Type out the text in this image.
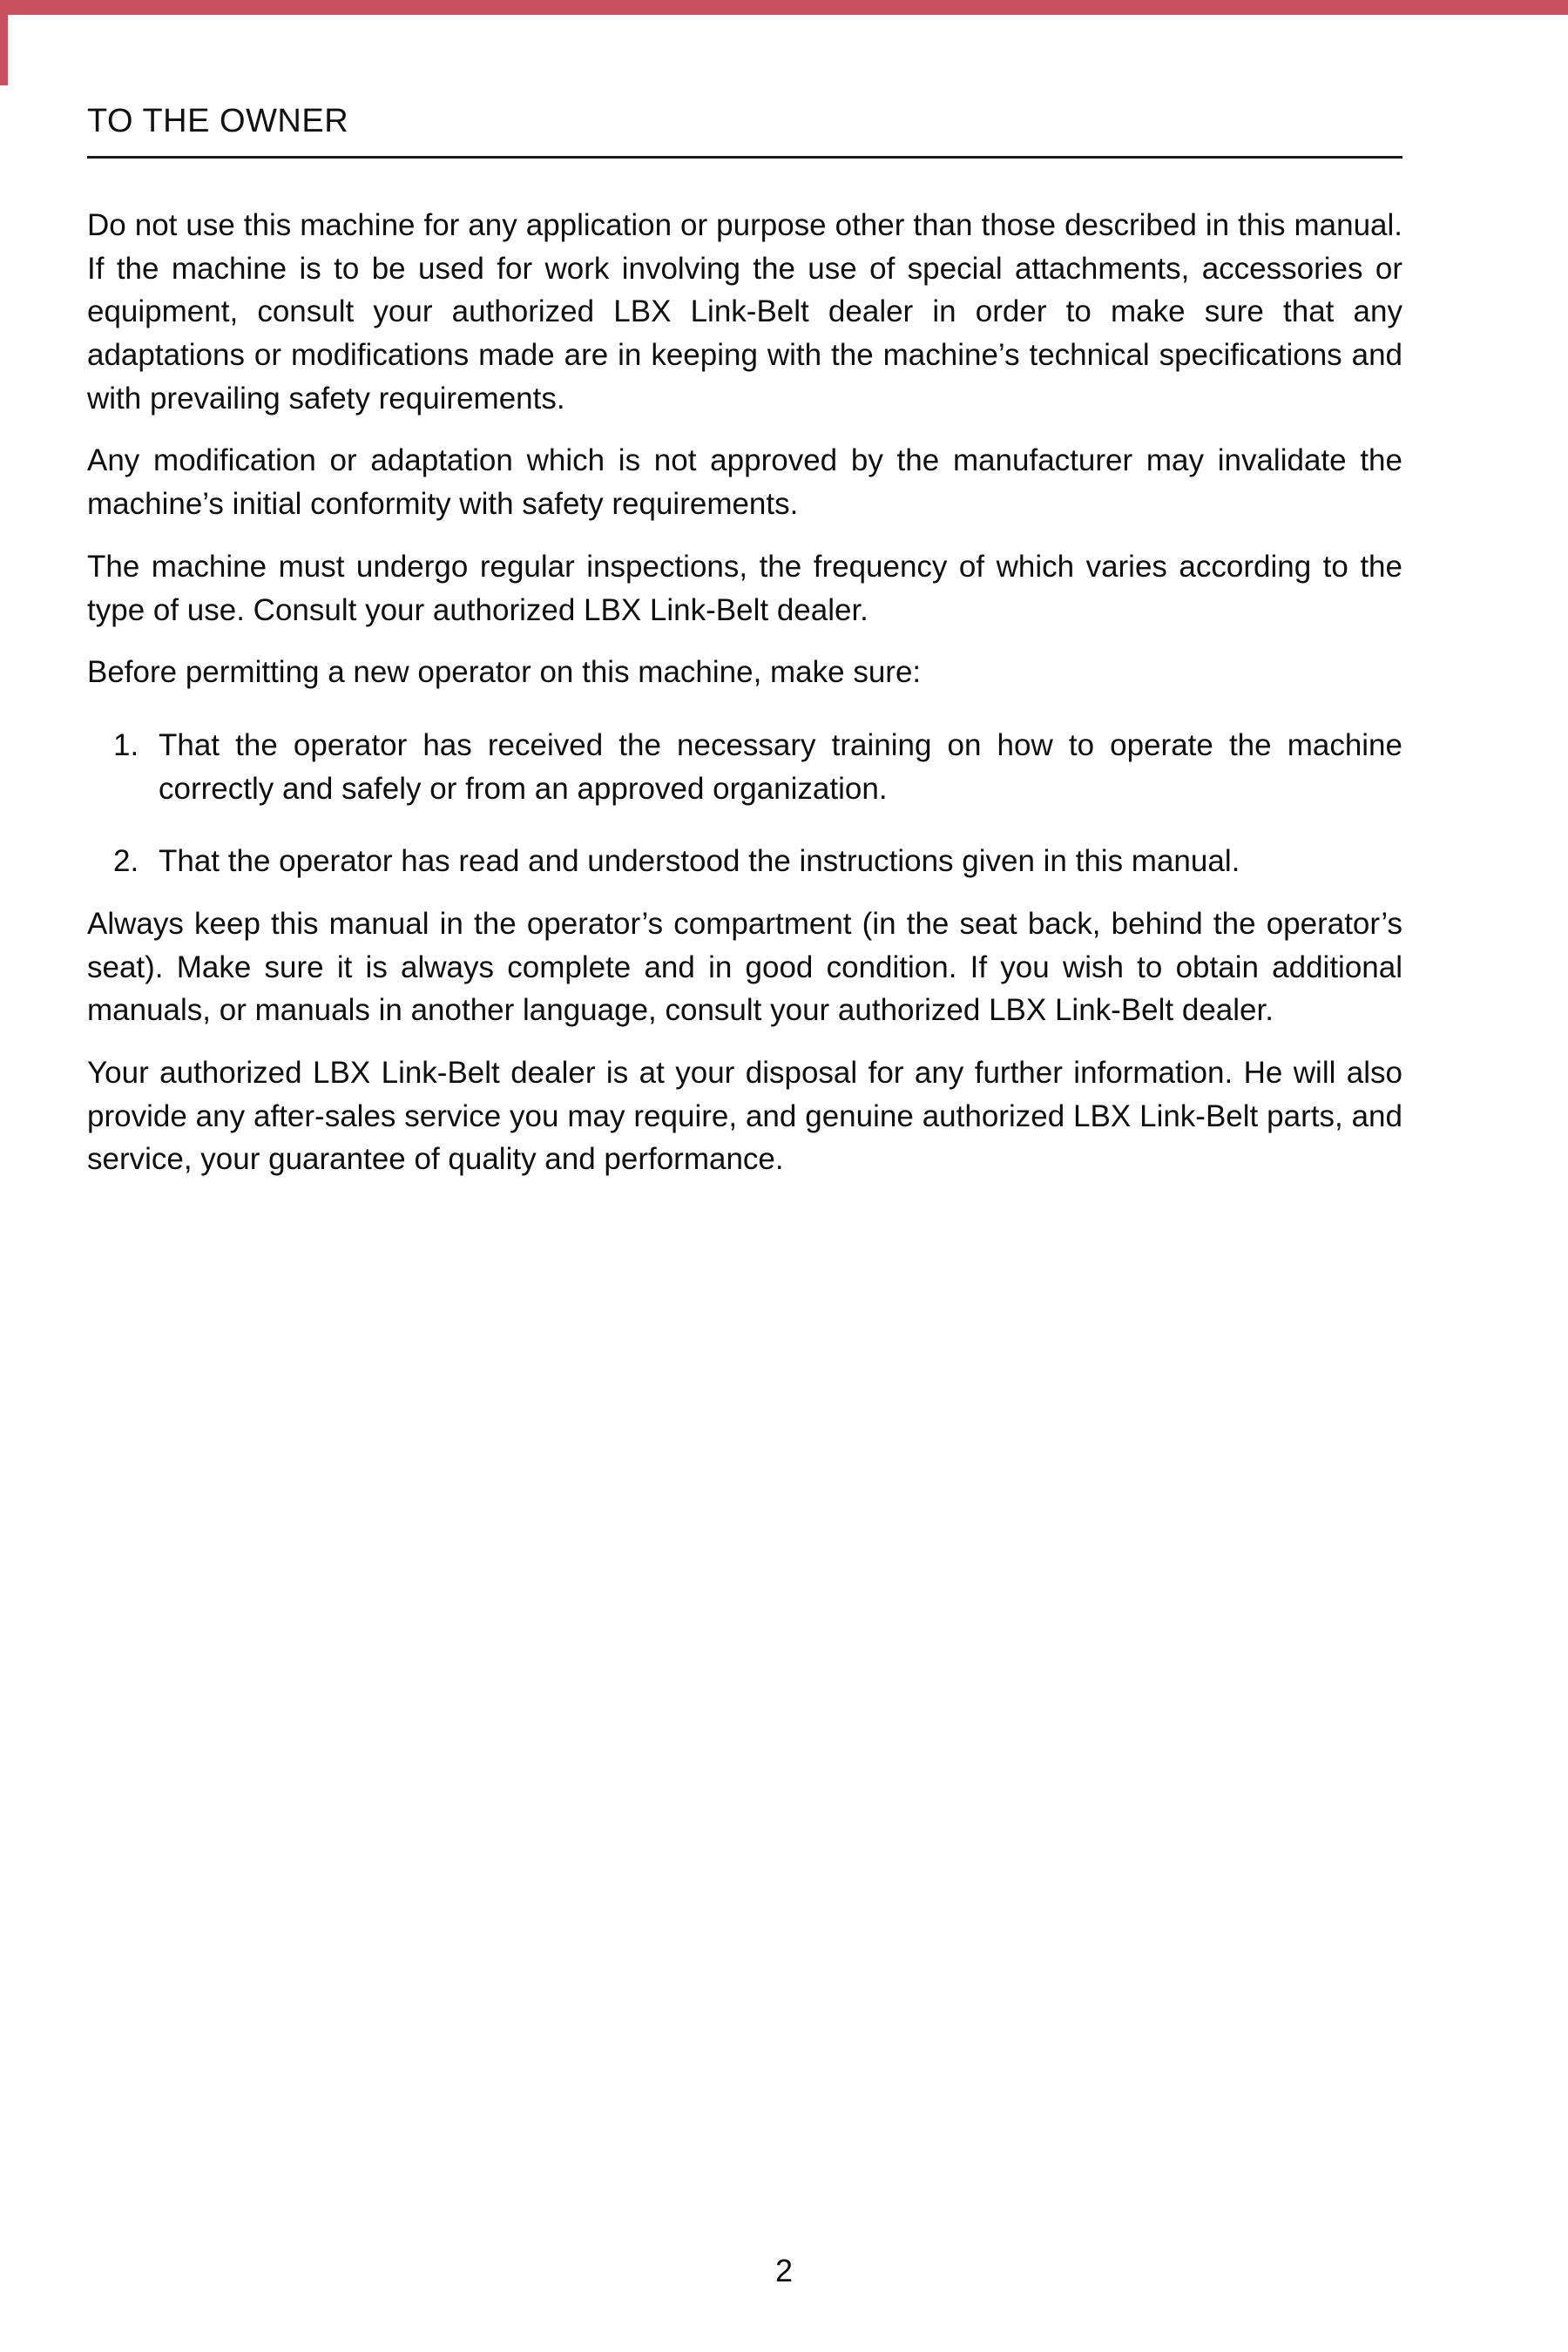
TO THE OWNER

Do not use this machine for any application or purpose other than those described in this manual. If the machine is to be used for work involving the use of special attachments, accessories or equipment, consult your authorized LBX Link-Belt dealer in order to make sure that any adaptations or modifications made are in keeping with the machine’s technical specifications and with prevailing safety requirements.

Any modification or adaptation which is not approved by the manufacturer may invalidate the machine’s initial conformity with safety requirements.

The machine must undergo regular inspections, the frequency of which varies according to the type of use. Consult your authorized LBX Link-Belt dealer.

Before permitting a new operator on this machine, make sure:

1. That the operator has received the necessary training on how to operate the machine correctly and safely or from an approved organization.
2. That the operator has read and understood the instructions given in this manual.

Always keep this manual in the operator’s compartment (in the seat back, behind the operator’s seat). Make sure it is always complete and in good condition. If you wish to obtain additional manuals, or manuals in another language, consult your authorized LBX Link-Belt dealer.

Your authorized LBX Link-Belt dealer is at your disposal for any further information. He will also provide any after-sales service you may require, and genuine authorized LBX Link-Belt parts, and service, your guarantee of quality and performance.

2
